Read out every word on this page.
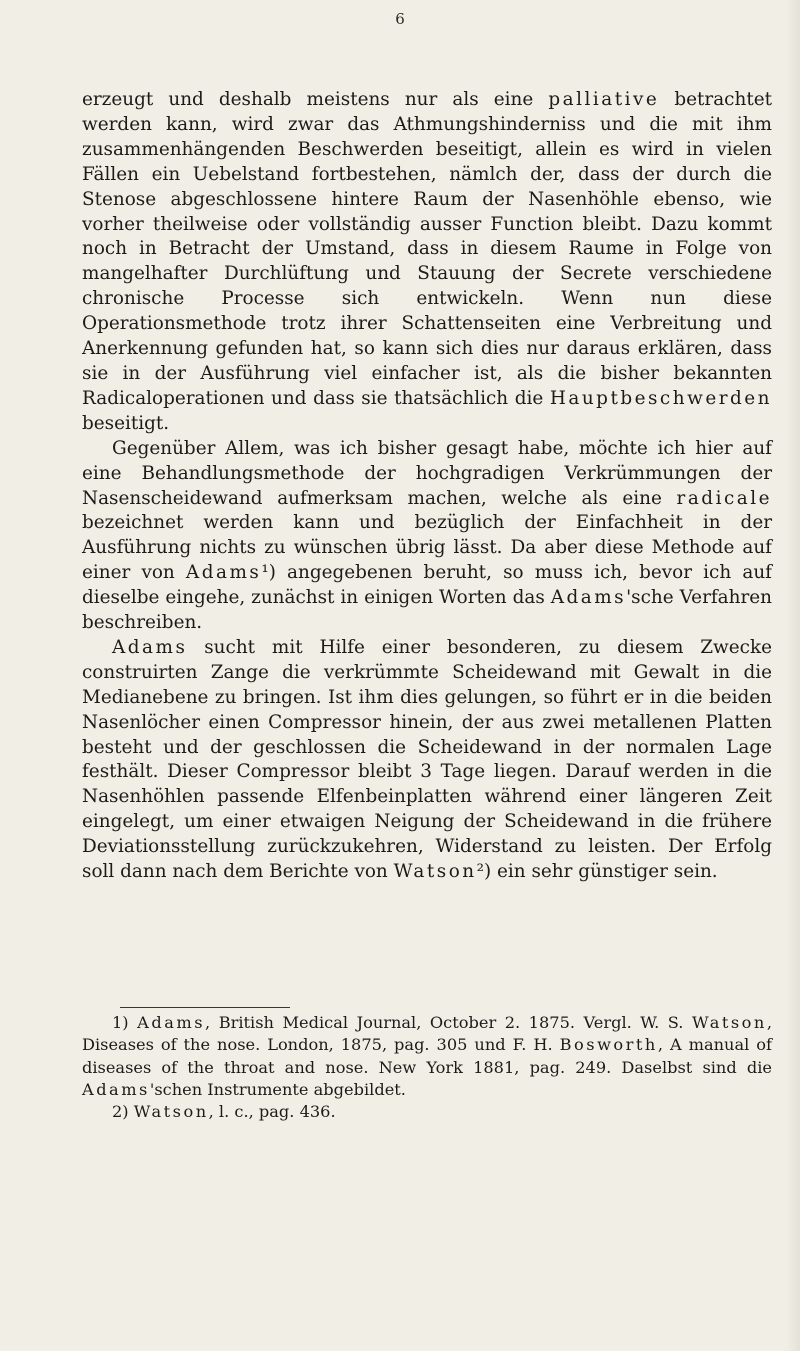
6

erzeugt und deshalb meistens nur als eine palliative betrachtet werden kann, wird zwar das Athmungshinderniss und die mit ihm zusammenhängenden Beschwerden beseitigt, allein es wird in vielen Fällen ein Uebelstand fortbestehen, nämlch der, dass der durch die Stenose abgeschlossene hintere Raum der Nasenhöhle ebenso, wie vorher theilweise oder vollständig ausser Function bleibt. Dazu kommt noch in Betracht der Umstand, dass in diesem Raume in Folge von mangelhafter Durchlüftung und Stauung der Secrete verschiedene chronische Processe sich entwickeln. Wenn nun diese Operationsmethode trotz ihrer Schattenseiten eine Verbreitung und Anerkennung gefunden hat, so kann sich dies nur daraus erklären, dass sie in der Ausführung viel einfacher ist, als die bisher bekannten Radicaloperationen und dass sie thatsächlich die Hauptbeschwerden beseitigt.

Gegenüber Allem, was ich bisher gesagt habe, möchte ich hier auf eine Behandlungsmethode der hochgradigen Verkrümmungen der Nasenscheidewand aufmerksam machen, welche als eine radicale bezeichnet werden kann und bezüglich der Einfachheit in der Ausführung nichts zu wünschen übrig lässt. Da aber diese Methode auf einer von Adams¹) angegebenen beruht, so muss ich, bevor ich auf dieselbe eingehe, zunächst in einigen Worten das Adams'sche Verfahren beschreiben.

Adams sucht mit Hilfe einer besonderen, zu diesem Zwecke construirten Zange die verkrümmte Scheidewand mit Gewalt in die Medianebene zu bringen. Ist ihm dies gelungen, so führt er in die beiden Nasenlöcher einen Compressor hinein, der aus zwei metallenen Platten besteht und der geschlossen die Scheidewand in der normalen Lage festhält. Dieser Compressor bleibt 3 Tage liegen. Darauf werden in die Nasenhöhlen passende Elfenbeinplatten während einer längeren Zeit eingelegt, um einer etwaigen Neigung der Scheidewand in die frühere Deviationsstellung zurückzukehren, Widerstand zu leisten. Der Erfolg soll dann nach dem Berichte von Watson²) ein sehr günstiger sein.

1) Adams, British Medical Journal, October 2. 1875. Vergl. W. S. Watson, Diseases of the nose. London, 1875, pag. 305 und F. H. Bosworth, A manual of diseases of the throat and nose. New York 1881, pag. 249. Daselbst sind die Adams'schen Instrumente abgebildet.

2) Watson, l. c., pag. 436.
